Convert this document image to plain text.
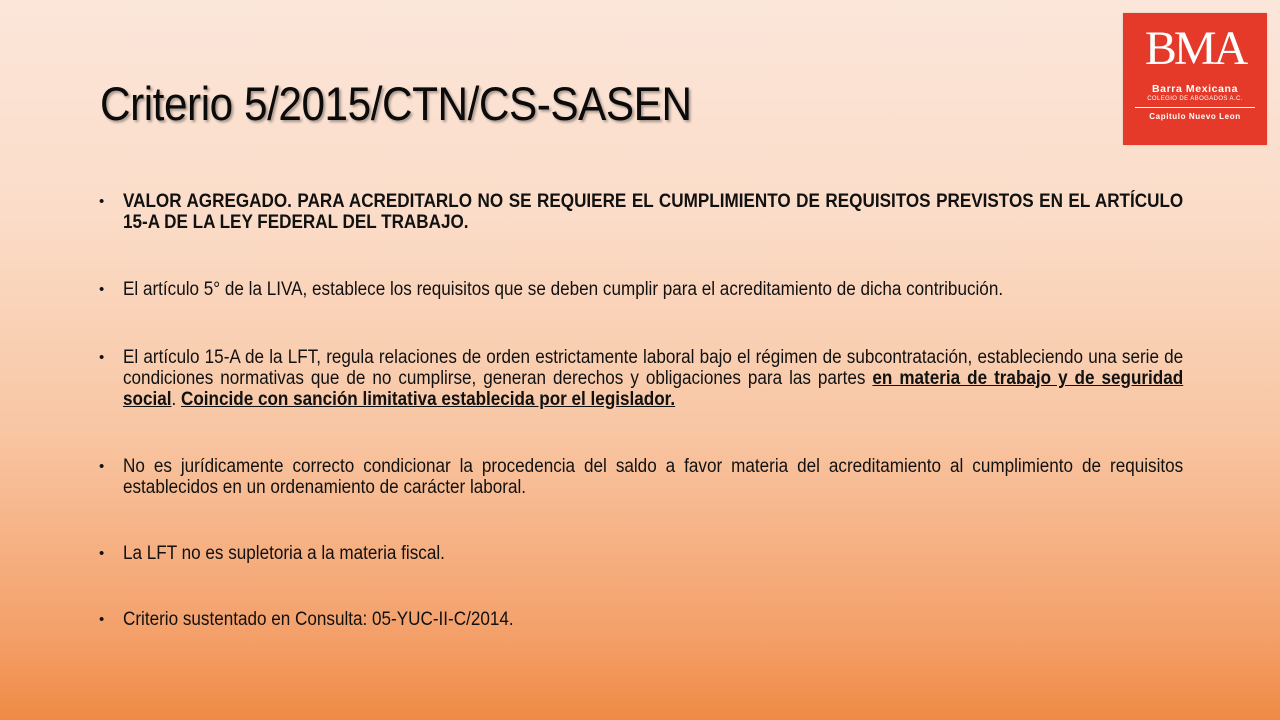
Criterio 5/2015/CTN/CS-SASEN
BMA
Barra Mexicana
COLEGIO DE ABOGADOS A.C.
Capitulo Nuevo Leon
• VALOR AGREGADO. PARA ACREDITARLO NO SE REQUIERE EL CUMPLIMIENTO DE REQUISITOS PREVISTOS EN EL ARTÍCULO 15-A DE LA LEY FEDERAL DEL TRABAJO.
• El artículo 5° de la LIVA, establece los requisitos que se deben cumplir para el acreditamiento de dicha contribución.
• El artículo 15-A de la LFT, regula relaciones de orden estrictamente laboral bajo el régimen de subcontratación, estableciendo una serie de condiciones normativas que de no cumplirse, generan derechos y obligaciones para las partes en materia de trabajo y de seguridad social. Coincide con sanción limitativa establecida por el legislador.
• No es jurídicamente correcto condicionar la procedencia del saldo a favor materia del acreditamiento al cumplimiento de requisitos establecidos en un ordenamiento de carácter laboral.
• La LFT no es supletoria a la materia fiscal.
• Criterio sustentado en Consulta: 05-YUC-II-C/2014.
